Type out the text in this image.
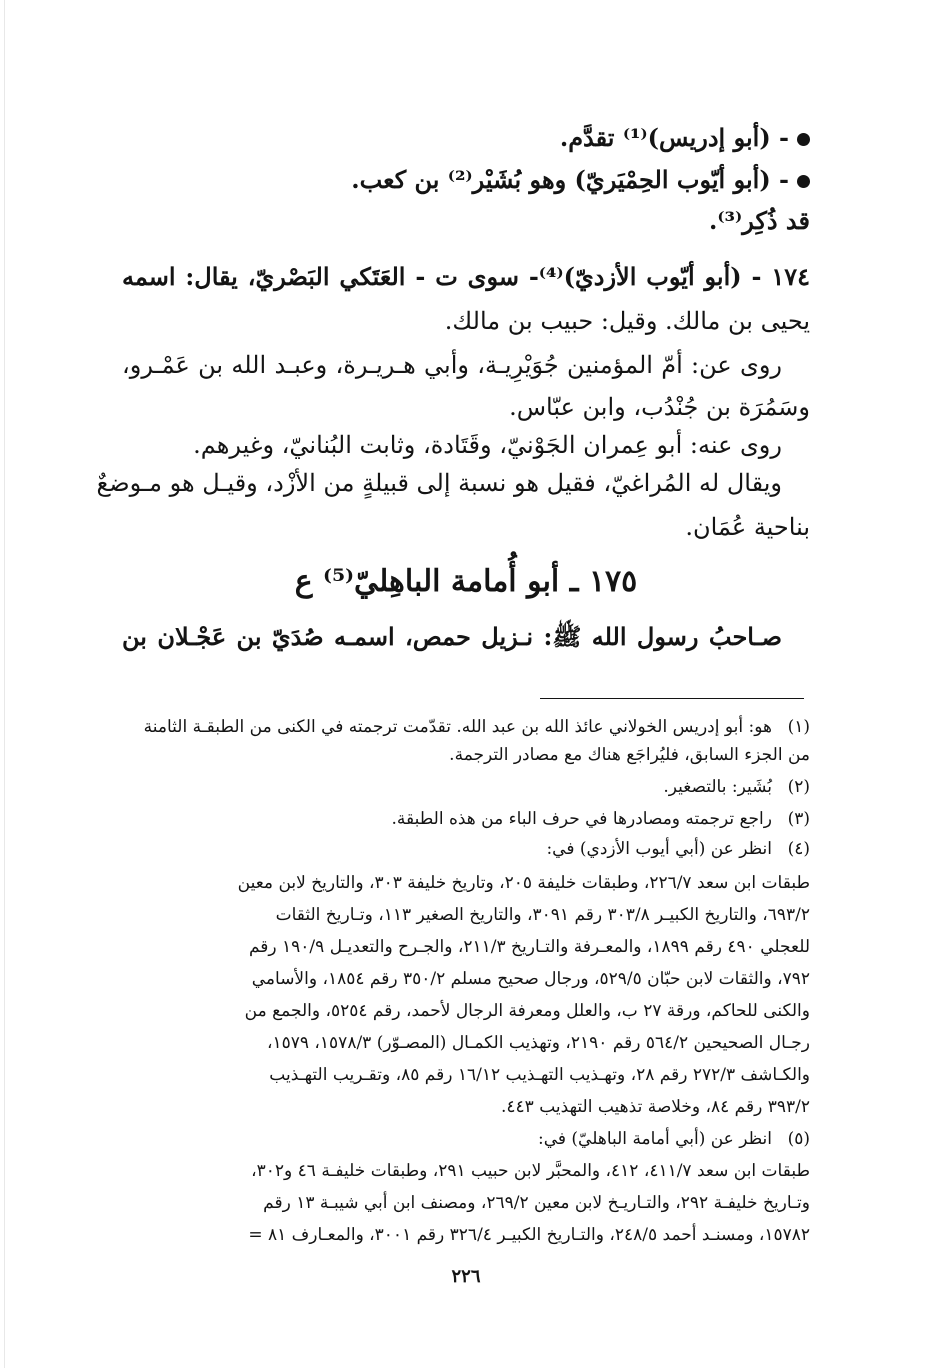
- (أبو إدريس)⁽¹⁾ تقدَّم.
- (أبو أيّوب الحِمْيَريّ) وهو بُشَيْر⁽²⁾ بن كعب.
قد ذُكِر⁽³⁾.
١٧٤ - (أبو أيّوب الأزديّ)⁽⁴⁾- سوى ت - العَتَكي البَصْريّ، يقال: اسمه
يحيى بن مالك. وقيل: حبيب بن مالك.
روى عن: أمّ المؤمنين جُوَيْرِيـة، وأبي هـريـرة، وعبـد الله بن عَمْـرو،
وسَمُرَة بن جُنْدُب، وابن عبّاس.
روى عنه: أبو عِمران الجَوْنيّ، وقَتَادة، وثابت البُنانيّ، وغيرهم.
ويقال له المُراغيّ، فقيل هو نسبة إلى قبيلةٍ من الأزْد، وقيـل هو مـوضعٌ
بناحية عُمَان.
١٧٥ ـ أبو أُمامة الباهِليّ⁽⁵⁾ ع
صـاحبُ رسول الله ﷺ: نـزيل حمص، اسمـه صُدَيّ بن عَجْـلان بن
(١)هو: أبو إدريس الخولاني عائذ الله بن عبد الله. تقدّمت ترجمته في الكنى من الطبقـة الثامنة
من الجزء السابق، فليُراجَع هناك مع مصادر الترجمة.
(٢)بُشَير: بالتصغير.
(٣)راجع ترجمته ومصادرها في حرف الباء من هذه الطبقة.
(٤)انظر عن (أبي أيوب الأزدي) في:
طبقات ابن سعد ٢٢٦/٧، وطبقات خليفة ٢٠٥، وتاريخ خليفة ٣٠٣، والتاريخ لابن معين
٦٩٣/٢، والتاريخ الكبيـر ٣٠٣/٨ رقم ٣٠٩١، والتاريخ الصغير ١١٣، وتـاريخ الثقات
للعجلي ٤٩٠ رقم ١٨٩٩، والمعـرفة والتـاريخ ٢١١/٣، والجـرح والتعديـل ١٩٠/٩ رقم
٧٩٢، والثقات لابن حبّان ٥٢٩/٥، ورجال صحيح مسلم ٣٥٠/٢ رقم ١٨٥٤، والأسامي
والكنى للحاكم، ورقة ٢٧ ب، والعلل ومعرفة الرجال لأحمد، رقم ٥٢٥٤، والجمع من
رجـال الصحيحين ٥٦٤/٢ رقم ٢١٩٠، وتهذيب الكمـال (المصـوّر) ١٥٧٨/٣، ١٥٧٩،
والكـاشف ٢٧٢/٣ رقم ٢٨، وتهـذيب التهـذيب ١٦/١٢ رقم ٨٥، وتقـريب التهـذيب
٣٩٣/٢ رقم ٨٤، وخلاصة تذهيب التهذيب ٤٤٣.
(٥)انظر عن (أبي أمامة الباهليّ) في:
طبقات ابن سعد ٤١١/٧، ٤١٢، والمحبَّر لابن حبيب ٢٩١، وطبقات خليفـة ٤٦ و٣٠٢،
وتـاريخ خليفـة ٢٩٢، والتـاريـخ لابن معين ٢٦٩/٢، ومصنف ابن أبي شيبـة ١٣ رقم
١٥٧٨٢، ومسنـد أحمد ٢٤٨/٥، والتـاريخ الكبيـر ٣٢٦/٤ رقم ٣٠٠١، والمعـارف ٨١ =
٢٢٦
